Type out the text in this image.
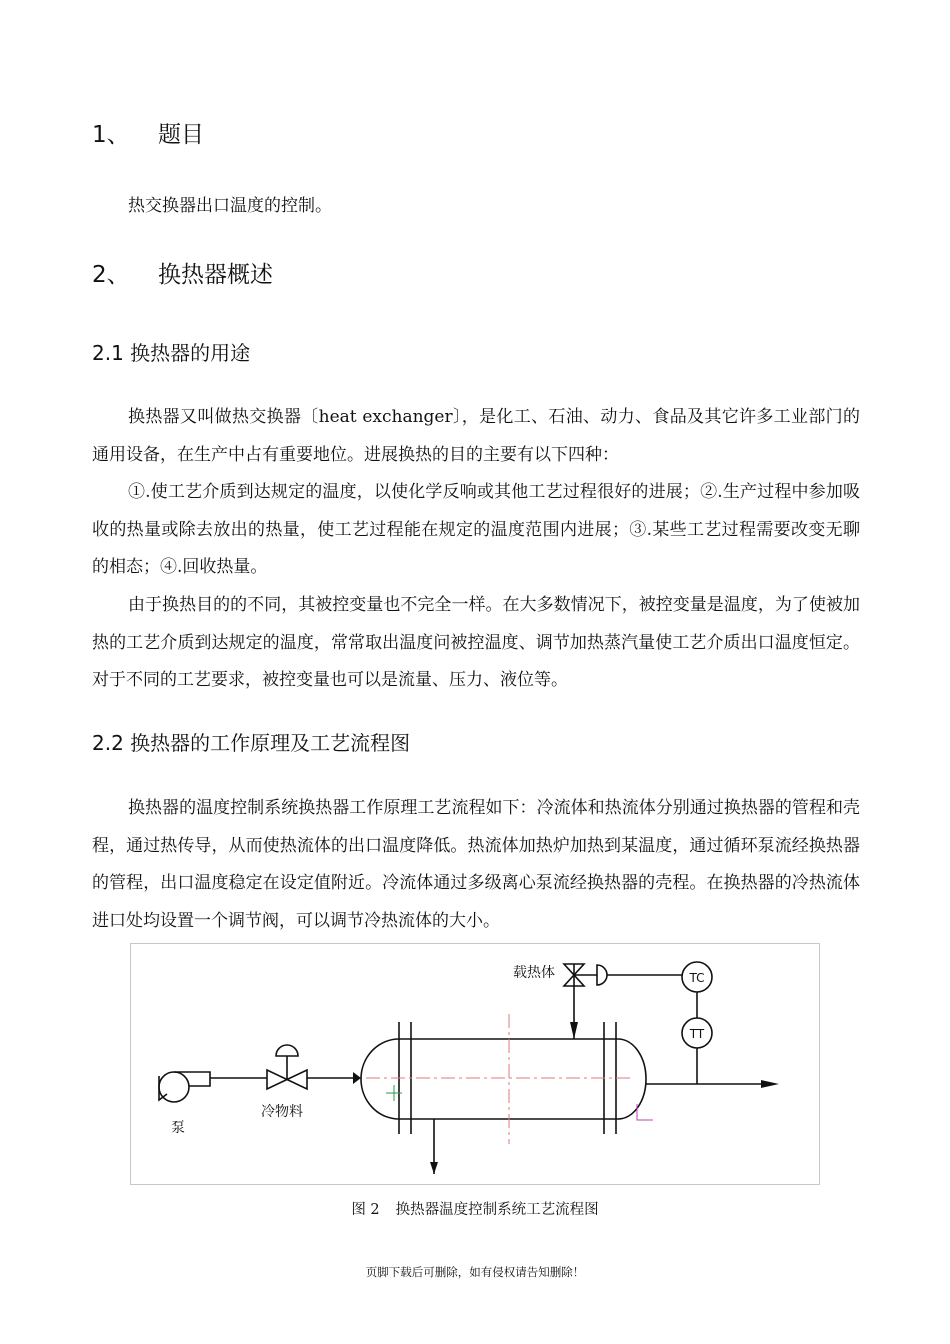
1、 题目

热交换器出口温度的控制。

2、 换热器概述
2.1 换热器的用途

换热器又叫做热交换器〔heat exchanger〕，是化工、石油、动力、食品及其它许多工业部门的通用设备，在生产中占有重要地位。进展换热的目的主要有以下四种：

①.使工艺介质到达规定的温度，以使化学反响或其他工艺过程很好的进展；②.生产过程中参加吸收的热量或除去放出的热量，使工艺过程能在规定的温度范围内进展；③.某些工艺过程需要改变无聊的相态；④.回收热量。

由于换热目的的不同，其被控变量也不完全一样。在大多数情况下，被控变量是温度，为了使被加热的工艺介质到达规定的温度，常常取出温度问被控温度、调节加热蒸汽量使工艺介质出口温度恒定。对于不同的工艺要求，被控变量也可以是流量、压力、液位等。

2.2 换热器的工作原理及工艺流程图

换热器的温度控制系统换热器工作原理工艺流程如下：冷流体和热流体分别通过换热器的管程和壳程，通过热传导，从而使热流体的出口温度降低。热流体加热炉加热到某温度，通过循环泵流经换热器的管程，出口温度稳定在设定值附近。冷流体通过多级离心泵流经换热器的壳程。在换热器的冷热流体进口处均设置一个调节阀，可以调节冷热流体的大小。

载热体	TC
TT
泵
冷物料
图 2 换热器温度控制系统工艺流程图
页脚下载后可删除，如有侵权请告知删除！
